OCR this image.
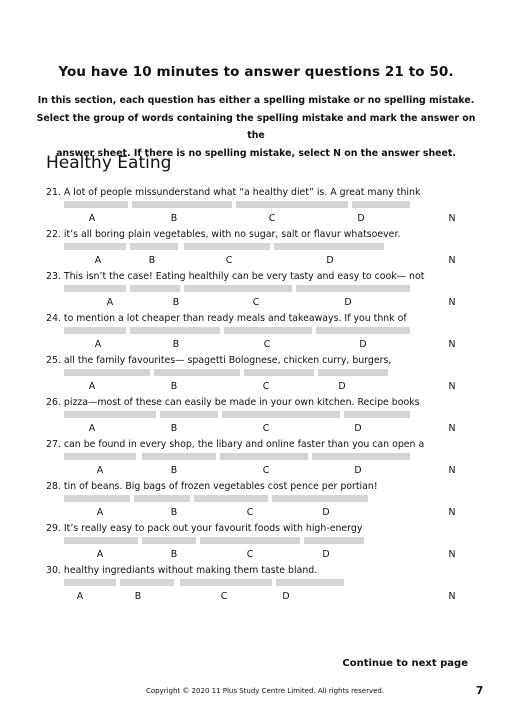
You have 10 minutes to answer questions 21 to 50.
In this section, each question has either a spelling mistake or no spelling mistake.
Select the group of words containing the spelling mistake and mark the answer on the
answer sheet. If there is no spelling mistake, select N on the answer sheet.
Healthy Eating
21. A lot of people missunderstand what “a healthy diet” is. A great many think
A	B	C	D	N
22. it’s all boring plain vegetables, with no sugar, salt or flavur whatsoever.
A	B	C	D	N
23. This isn’t the case! Eating healthily can be very tasty and easy to cook— not
A	B	C	D	N
24. to mention a lot cheaper than ready meals and takeaways. If you thnk of
A	B	C	D	N
25. all the family favourites— spagetti Bolognese, chicken curry, burgers,
A	B	C	D	N
26. pizza—most of these can easily be made in your own kitchen. Recipe books
A	B	C	D	N
27. can be found in every shop, the libary and online faster than you can open a
A	B	C	D	N
28. tin of beans. Big bags of frozen vegetables cost pence per portian!
A	B	C	D	N
29. It’s really easy to pack out your favourit foods with high-energy
A	B	C	D	N
30. healthy ingrediants without making them taste bland.
A	B	C	D	N
Continue to next page
Copyright © 2020 11 Plus Study Centre Limited. All rights reserved.	7
